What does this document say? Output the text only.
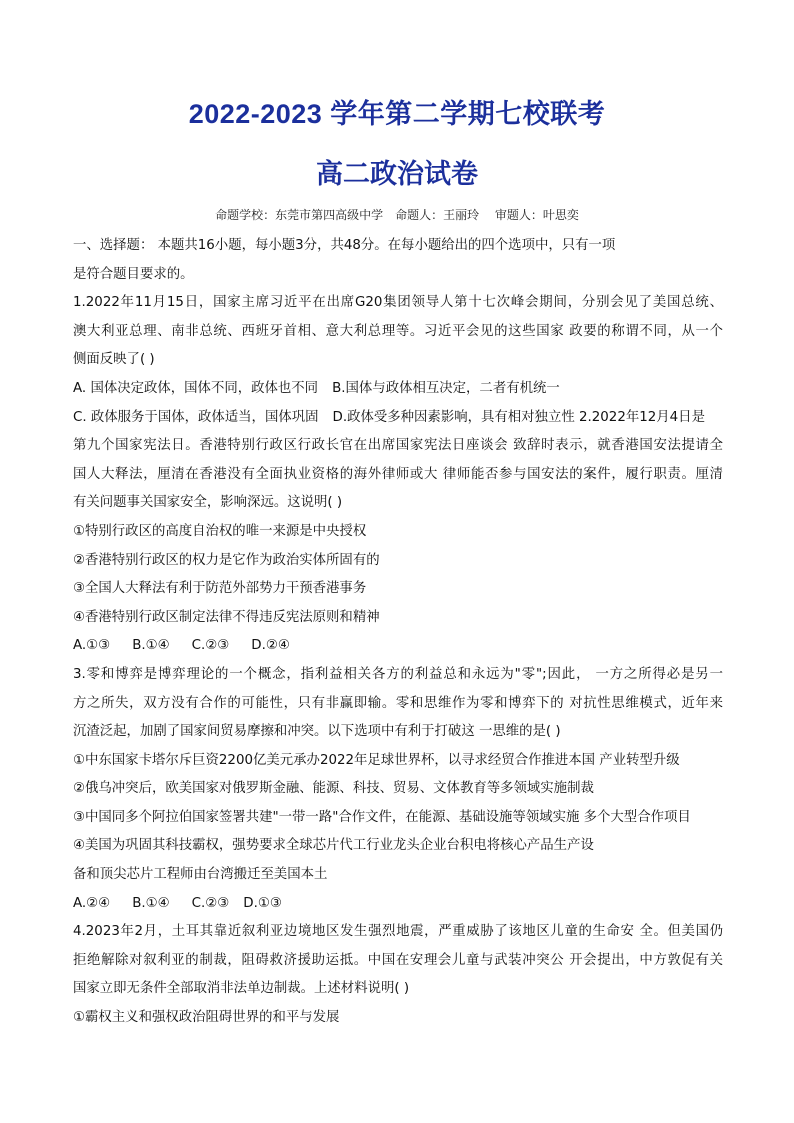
2022-2023 学年第二学期七校联考
高二政治试卷
命题学校：东莞市第四高级中学　命题人：王丽玲　 审题人：叶思奕
一、选择题： 本题共16小题，每小题3分，共48分。在每小题给出的四个选项中，只有一项
是符合题目要求的。
1.2022年11月15日，国家主席习近平在出席G20集团领导人第十七次峰会期间，分别会见了美国总统、
澳大利亚总理、南非总统、西班牙首相、意大利总理等。习近平会见的这些国家 政要的称谓不同，从一个
侧面反映了( )
A. 国体决定政体，国体不同，政体也不同 B.国体与政体相互决定，二者有机统一
C. 政体服务于国体，政体适当，国体巩固 D.政体受多种因素影响，具有相对独立性 2.2022年12月4日是
第九个国家宪法日。香港特别行政区行政长官在出席国家宪法日座谈会 致辞时表示，就香港国安法提请全
国人大释法，厘清在香港没有全面执业资格的海外律师或大 律师能否参与国安法的案件，履行职责。厘清
有关问题事关国家安全，影响深远。这说明( )
①特别行政区的高度自治权的唯一来源是中央授权
②香港特别行政区的权力是它作为政治实体所固有的
③全国人大释法有利于防范外部势力干预香港事务
④香港特别行政区制定法律不得违反宪法原则和精神
A.①③ B.①④ C.②③ D.②④
3.零和博弈是博弈理论的一个概念，指利益相关各方的利益总和永远为"零";因此， 一方之所得必是另一
方之所失，双方没有合作的可能性，只有非赢即输。零和思维作为零和博弈下的 对抗性思维模式，近年来
沉渣泛起，加剧了国家间贸易摩擦和冲突。以下选项中有利于打破这 一思维的是( )
①中东国家卡塔尔斥巨资2200亿美元承办2022年足球世界杯，以寻求经贸合作推进本国 产业转型升级
②俄乌冲突后，欧美国家对俄罗斯金融、能源、科技、贸易、文体教育等多领域实施制裁
③中国同多个阿拉伯国家签署共建"一带一路"合作文件，在能源、基础设施等领域实施 多个大型合作项目
④美国为巩固其科技霸权，强势要求全球芯片代工行业龙头企业台积电将核心产品生产设
备和顶尖芯片工程师由台湾搬迁至美国本土
A.②④ B.①④ C.②③ D.①③
4.2023年2月，土耳其靠近叙利亚边境地区发生强烈地震，严重威胁了该地区儿童的生命安 全。但美国仍
拒绝解除对叙利亚的制裁，阻碍救济援助运抵。中国在安理会儿童与武装冲突公 开会提出，中方敦促有关
国家立即无条件全部取消非法单边制裁。上述材料说明( )
①霸权主义和强权政治阻碍世界的和平与发展
